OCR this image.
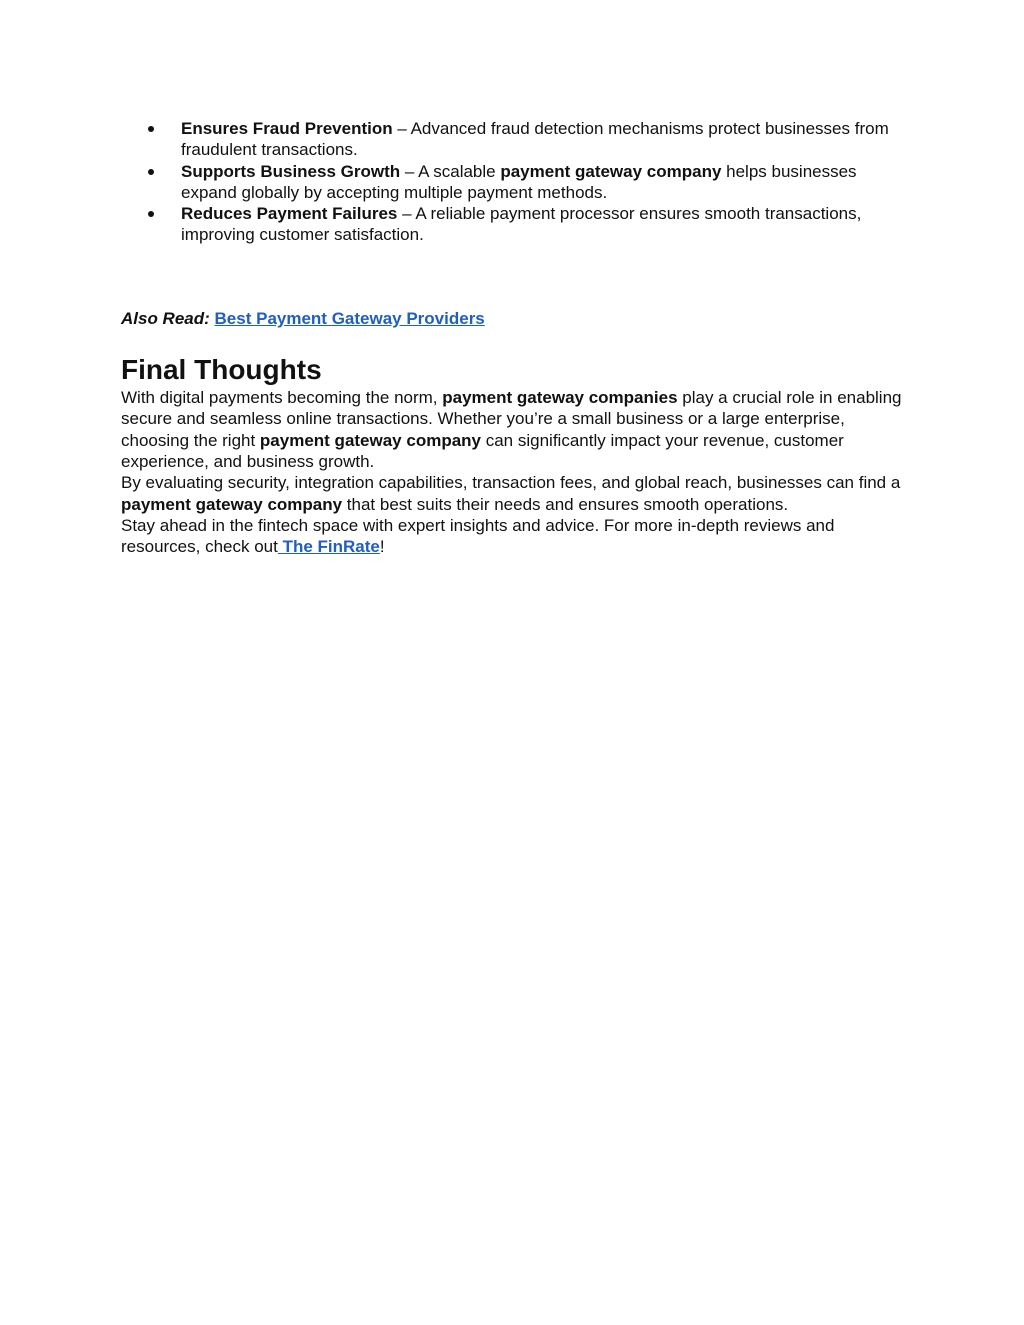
Ensures Fraud Prevention – Advanced fraud detection mechanisms protect businesses from fraudulent transactions.
Supports Business Growth – A scalable payment gateway company helps businesses expand globally by accepting multiple payment methods.
Reduces Payment Failures – A reliable payment processor ensures smooth transactions, improving customer satisfaction.
Also Read: Best Payment Gateway Providers
Final Thoughts

With digital payments becoming the norm, payment gateway companies play a crucial role in enabling secure and seamless online transactions. Whether you’re a small business or a large enterprise, choosing the right payment gateway company can significantly impact your revenue, customer experience, and business growth.

By evaluating security, integration capabilities, transaction fees, and global reach, businesses can find a payment gateway company that best suits their needs and ensures smooth operations.

Stay ahead in the fintech space with expert insights and advice. For more in-depth reviews and resources, check out The FinRate!
